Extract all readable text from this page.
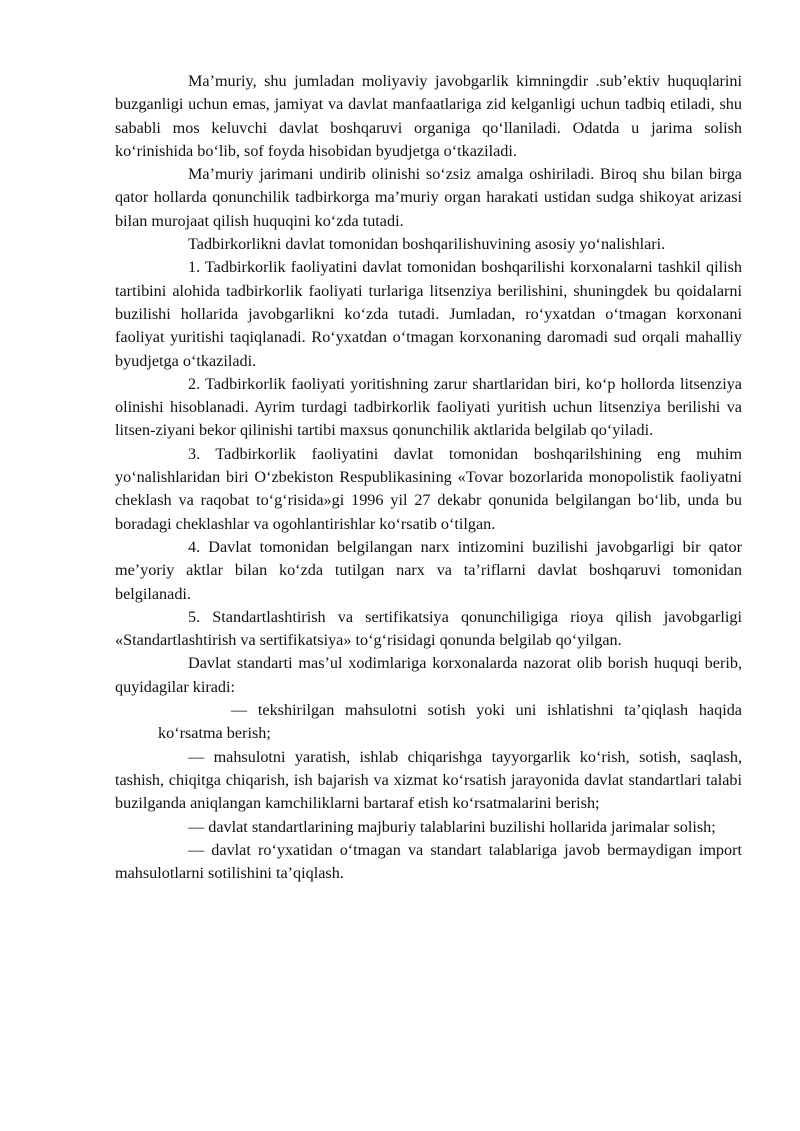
Ma’muriy, shu jumladan moliyaviy javobgarlik kimningdir .sub’ektiv huquqlarini buzganligi uchun emas, jamiyat va davlat manfaatlariga zid kelganligi uchun tadbiq etiladi, shu sababli mos keluvchi davlat boshqaruvi organiga qo‘llaniladi. Odatda u jarima solish ko‘rinishida bo‘lib, sof foyda hisobidan byudjetga o‘tkaziladi.

Ma’muriy jarimani undirib olinishi so‘zsiz amalga oshiriladi. Biroq shu bilan birga qator hollarda qonunchilik tadbirkorga ma’muriy organ harakati ustidan sudga shikoyat arizasi bilan murojaat qilish huquqini ko‘zda tutadi.

Tadbirkorlikni davlat tomonidan boshqarilishuvining asosiy yo‘nalishlari.

1. Tadbirkorlik faoliyatini davlat tomonidan boshqarilishi korxonalarni tashkil qilish tartibini alohida tadbirkorlik faoliyati turlariga litsenziya berilishini, shuningdek bu qoidalarni buzilishi hollarida javobgarlikni ko‘zda tutadi. Jumladan, ro‘yxatdan o‘tmagan korxonani faoliyat yuritishi taqiqlanadi. Ro‘yxatdan o‘tmagan korxonaning daromadi sud orqali mahalliy byudjetga o‘tkaziladi.

2. Tadbirkorlik faoliyati yoritishning zarur shartlaridan biri, ko‘p hollorda litsenziya olinishi hisoblanadi. Ayrim turdagi tadbirkorlik faoliyati yuritish uchun litsenziya berilishi va litsen-ziyani bekor qilinishi tartibi maxsus qonunchilik aktlarida belgilab qo‘yiladi.

3. Tadbirkorlik faoliyatini davlat tomonidan boshqarilshining eng muhim yo‘nalishlaridan biri O‘zbekiston Respublikasining «Tovar bozorlarida monopolistik faoliyatni cheklash va raqobat to‘g‘risida»gi 1996 yil 27 dekabr qonunida belgilangan bo‘lib, unda bu boradagi cheklashlar va ogohlantirishlar ko‘rsatib o‘tilgan.

4. Davlat tomonidan belgilangan narx intizomini buzilishi javobgarligi bir qator me’yoriy aktlar bilan ko‘zda tutilgan narx va ta’riflarni davlat boshqaruvi tomonidan belgilanadi.

5. Standartlashtirish va sertifikatsiya qonunchiligiga rioya qilish javobgarligi «Standartlashtirish va sertifikatsiya» to‘g‘risidagi qonunda belgilab qo‘yilgan.

Davlat standarti mas’ul xodimlariga korxonalarda nazorat olib borish huquqi berib, quyidagilar kiradi:

— tekshirilgan mahsulotni sotish yoki uni ishlatishni ta’qiqlash haqida ko‘rsatma berish;

— mahsulotni yaratish, ishlab chiqarishga tayyorgarlik ko‘rish, sotish, saqlash, tashish, chiqitga chiqarish, ish bajarish va xizmat ko‘rsatish jarayonida davlat standartlari talabi buzilganda aniqlangan kamchiliklarni bartaraf etish ko‘rsatmalarini berish;

— davlat standartlarining majburiy talablarini buzilishi hollarida jarimalar solish;

— davlat ro‘yxatidan o‘tmagan va standart talablariga javob bermaydigan import mahsulotlarni sotilishini ta’qiqlash.
